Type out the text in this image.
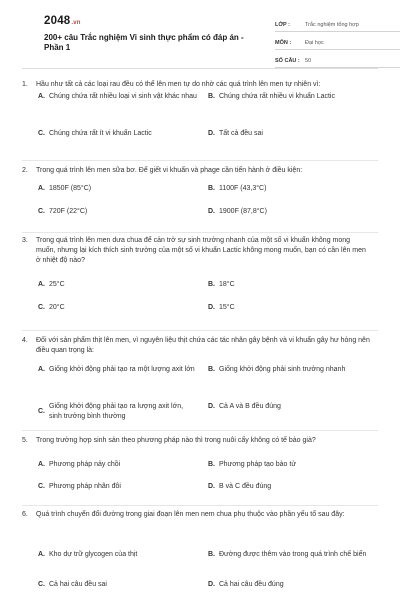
2048.vn
200+ câu Trắc nghiệm Vi sinh thực phẩm có đáp án - Phần 1
LỚP :	Trắc nghiệm tổng hợp
MÔN :	Đại học
SỐ CÂU : 50
1.	Hầu như tất cả các loại rau đều có thể lên men tự do nhờ các quá trình lên men tự nhiên vì:
A. Chúng chứa rất nhiều loại vi sinh vật khác nhau	B. Chúng chứa rất nhiều vi khuẩn Lactic
C. Chúng chứa rất ít vi khuẩn Lactic	D. Tất cả đều sai
2.	Trong quá trình lên men sữa bơ. Để giết vi khuẩn và phage cần tiến hành ở điều kiện:
A. 1850F (85°C)	B. 1100F (43,3°C)
C. 720F (22°C)	D. 1900F (87,8°C)
3.	Trong quá trình lên men dưa chua để cản trở sự sinh trưởng nhanh của một số vi khuẩn không mong muốn, nhưng lại kích thích sinh trưởng của một số vi khuẩn Lactic không mong muốn, bạn có cần lên men ở nhiệt độ nào?
A. 25°C	B. 18°C
C. 20°C	D. 15°C
4.	Đối với sản phẩm thịt lên men, vì nguyên liệu thịt chứa các tác nhân gây bệnh và vi khuẩn gây hư hỏng nên điều quan trọng là:
A. Giống khởi động phải tạo ra một lượng axit lớn	B. Giống khởi động phải sinh trưởng nhanh
C.
Giống khởi động phải tạo ra lượng axit lớn, sinh trưởng bình thường
D. Cả A và B đều đúng
5.	Trong trường hợp sinh sản theo phương pháp nào thì trong nuôi cấy không có tế bào già?
A. Phương pháp nảy chồi	B. Phương pháp tạo bào tử
C. Phương pháp nhân đôi	D. B và C đều đúng
6.	Quá trình chuyển đổi đường trong giai đoạn lên men nem chua phụ thuộc vào phần yếu tố sau đây:
A. Kho dự trữ glycogen của thịt	B. Đường được thêm vào trong quá trình chế biến
C. Cả hai câu đều sai	D. Cả hai câu đều đúng
